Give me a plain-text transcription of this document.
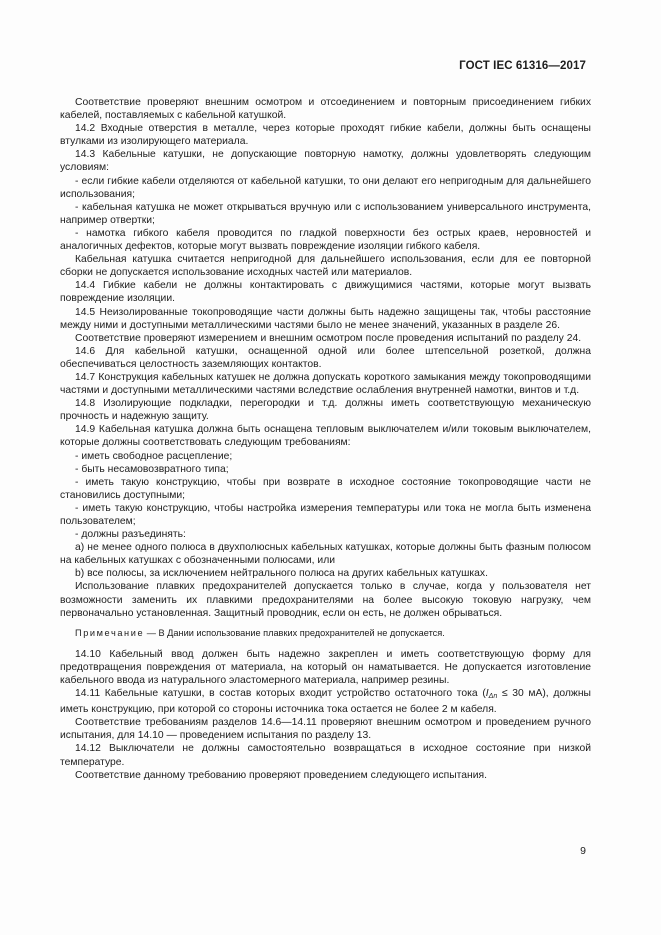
ГОСТ IEC 61316—2017

Соответствие проверяют внешним осмотром и отсоединением и повторным присоединением гибких кабелей, поставляемых с кабельной катушкой.

14.2 Входные отверстия в металле, через которые проходят гибкие кабели, должны быть оснащены втулками из изолирующего материала.

14.3 Кабельные катушки, не допускающие повторную намотку, должны удовлетворять следующим условиям:

- если гибкие кабели отделяются от кабельной катушки, то они делают его непригодным для дальнейшего использования;

- кабельная катушка не может открываться вручную или с использованием универсального инструмента, например отвертки;

- намотка гибкого кабеля проводится по гладкой поверхности без острых краев, неровностей и аналогичных дефектов, которые могут вызвать повреждение изоляции гибкого кабеля.

Кабельная катушка считается непригодной для дальнейшего использования, если для ее повторной сборки не допускается использование исходных частей или материалов.

14.4 Гибкие кабели не должны контактировать с движущимися частями, которые могут вызвать повреждение изоляции.

14.5 Неизолированные токопроводящие части должны быть надежно защищены так, чтобы расстояние между ними и доступными металлическими частями было не менее значений, указанных в разделе 26.

Соответствие проверяют измерением и внешним осмотром после проведения испытаний по разделу 24.

14.6 Для кабельной катушки, оснащенной одной или более штепсельной розеткой, должна обеспечиваться целостность заземляющих контактов.

14.7 Конструкция кабельных катушек не должна допускать короткого замыкания между токопроводящими частями и доступными металлическими частями вследствие ослабления внутренней намотки, винтов и т.д.

14.8 Изолирующие подкладки, перегородки и т.д. должны иметь соответствующую механическую прочность и надежную защиту.

14.9 Кабельная катушка должна быть оснащена тепловым выключателем и/или токовым выключателем, которые должны соответствовать следующим требованиям:

- иметь свободное расцепление;

- быть несамовозвратного типа;

- иметь такую конструкцию, чтобы при возврате в исходное состояние токопроводящие части не становились доступными;

- иметь такую конструкцию, чтобы настройка измерения температуры или тока не могла быть изменена пользователем;

- должны разъединять:

a) не менее одного полюса в двухполюсных кабельных катушках, которые должны быть фазным полюсом на кабельных катушках с обозначенными полюсами, или

b) все полюсы, за исключением нейтрального полюса на других кабельных катушках.

Использование плавких предохранителей допускается только в случае, когда у пользователя нет возможности заменить их плавкими предохранителями на более высокую токовую нагрузку, чем первоначально установленная. Защитный проводник, если он есть, не должен обрываться.

Примечание — В Дании использование плавких предохранителей не допускается.

14.10 Кабельный ввод должен быть надежно закреплен и иметь соответствующую форму для предотвращения повреждения от материала, на который он наматывается. Не допускается изготовление кабельного ввода из натурального эластомерного материала, например резины.

14.11 Кабельные катушки, в состав которых входит устройство остаточного тока ($I_{\Delta n} \le 30$ мА), должны иметь конструкцию, при которой со стороны источника тока остается не более 2 м кабеля.

Соответствие требованиям разделов 14.6—14.11 проверяют внешним осмотром и проведением ручного испытания, для 14.10 — проведением испытания по разделу 13.

14.12 Выключатели не должны самостоятельно возвращаться в исходное состояние при низкой температуре.

Соответствие данному требованию проверяют проведением следующего испытания.

9
